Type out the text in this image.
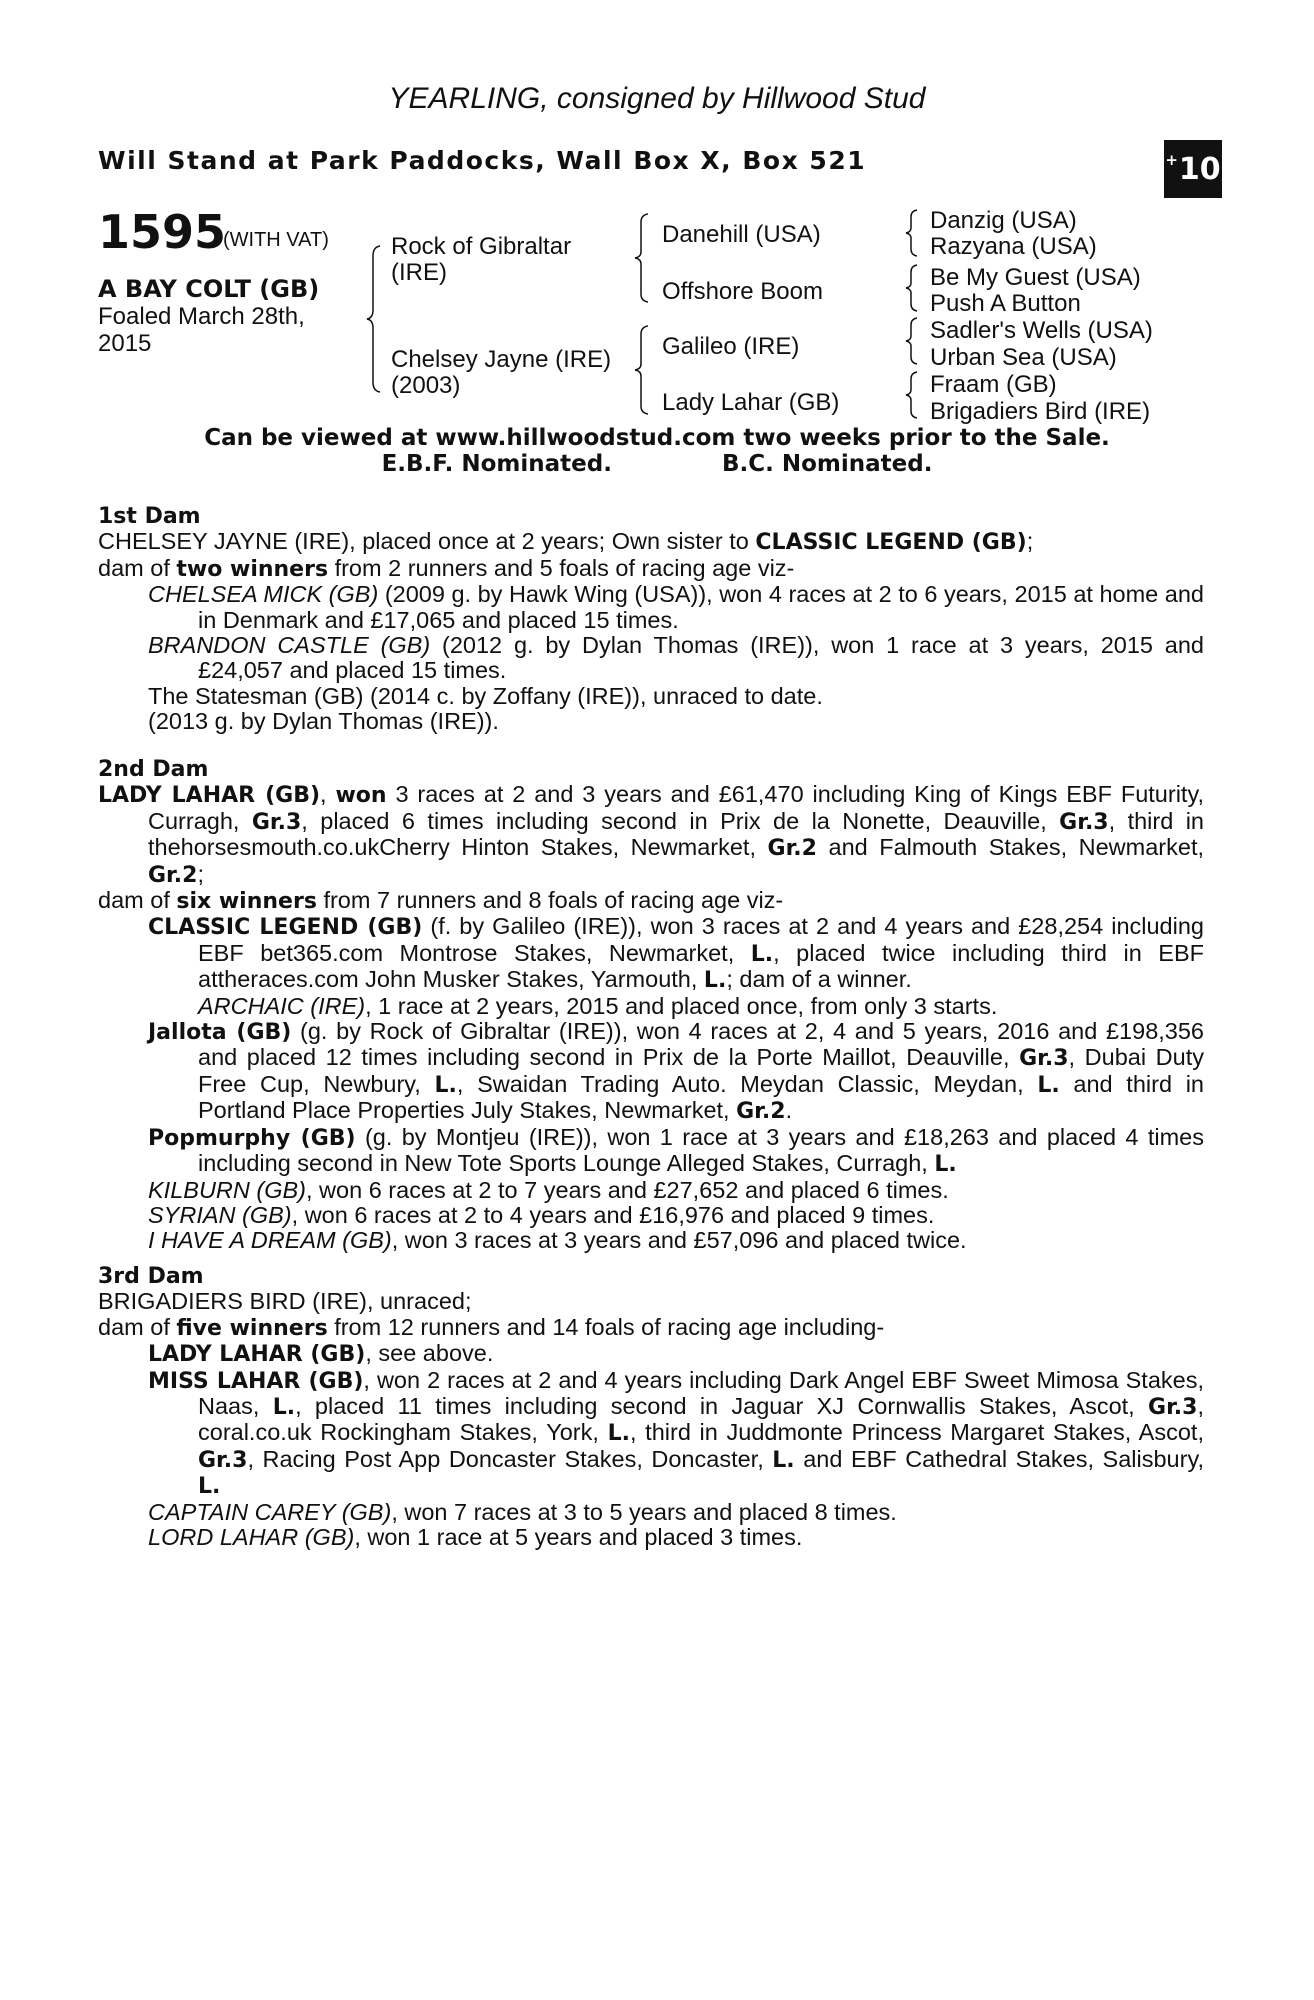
YEARLING, consigned by Hillwood Stud
Will Stand at Park Paddocks, Wall Box X, Box 521	+ 10
1595
(WITH VAT)
A BAY COLT (GB)
Foaled March 28th, 2015
Rock of Gibraltar (IRE)
Chelsey Jayne (IRE) (2003)
Danehill (USA)
Offshore Boom
Galileo (IRE)
Lady Lahar (GB)
Danzig (USA)
Razyana (USA)
Be My Guest (USA)
Push A Button
Sadler's Wells (USA)
Urban Sea (USA)
Fraam (GB)
Brigadiers Bird (IRE)
Can be viewed at www.hillwoodstud.com two weeks prior to the Sale.
E.B.F. Nominated.	B.C. Nominated.
1st Dam
CHELSEY JAYNE (IRE), placed once at 2 years; Own sister to CLASSIC LEGEND (GB);
dam of two winners from 2 runners and 5 foals of racing age viz-
CHELSEA MICK (GB) (2009 g. by Hawk Wing (USA)), won 4 races at 2 to 6 years, 2015 at home and in Denmark and £17,065 and placed 15 times.
BRANDON CASTLE (GB) (2012 g. by Dylan Thomas (IRE)), won 1 race at 3 years, 2015 and £24,057 and placed 15 times.
The Statesman (GB) (2014 c. by Zoffany (IRE)), unraced to date.
(2013 g. by Dylan Thomas (IRE)).
2nd Dam
LADY LAHAR (GB), won 3 races at 2 and 3 years and £61,470 including King of Kings EBF Futurity, Curragh, Gr.3, placed 6 times including second in Prix de la Nonette, Deauville, Gr.3, third in thehorsesmouth.co.ukCherry Hinton Stakes, Newmarket, Gr.2 and Falmouth Stakes, Newmarket, Gr.2;
dam of six winners from 7 runners and 8 foals of racing age viz-
CLASSIC LEGEND (GB) (f. by Galileo (IRE)), won 3 races at 2 and 4 years and £28,254 including EBF bet365.com Montrose Stakes, Newmarket, L., placed twice including third in EBF attheraces.com John Musker Stakes, Yarmouth, L.; dam of a winner.
ARCHAIC (IRE), 1 race at 2 years, 2015 and placed once, from only 3 starts.
Jallota (GB) (g. by Rock of Gibraltar (IRE)), won 4 races at 2, 4 and 5 years, 2016 and £198,356 and placed 12 times including second in Prix de la Porte Maillot, Deauville, Gr.3, Dubai Duty Free Cup, Newbury, L., Swaidan Trading Auto. Meydan Classic, Meydan, L. and third in Portland Place Properties July Stakes, Newmarket, Gr.2.
Popmurphy (GB) (g. by Montjeu (IRE)), won 1 race at 3 years and £18,263 and placed 4 times including second in New Tote Sports Lounge Alleged Stakes, Curragh, L.
KILBURN (GB), won 6 races at 2 to 7 years and £27,652 and placed 6 times.
SYRIAN (GB), won 6 races at 2 to 4 years and £16,976 and placed 9 times.
I HAVE A DREAM (GB), won 3 races at 3 years and £57,096 and placed twice.
3rd Dam
BRIGADIERS BIRD (IRE), unraced;
dam of five winners from 12 runners and 14 foals of racing age including-
LADY LAHAR (GB), see above.
MISS LAHAR (GB), won 2 races at 2 and 4 years including Dark Angel EBF Sweet Mimosa Stakes, Naas, L., placed 11 times including second in Jaguar XJ Cornwallis Stakes, Ascot, Gr.3, coral.co.uk Rockingham Stakes, York, L., third in Juddmonte Princess Margaret Stakes, Ascot, Gr.3, Racing Post App Doncaster Stakes, Doncaster, L. and EBF Cathedral Stakes, Salisbury, L.
CAPTAIN CAREY (GB), won 7 races at 3 to 5 years and placed 8 times.
LORD LAHAR (GB), won 1 race at 5 years and placed 3 times.
